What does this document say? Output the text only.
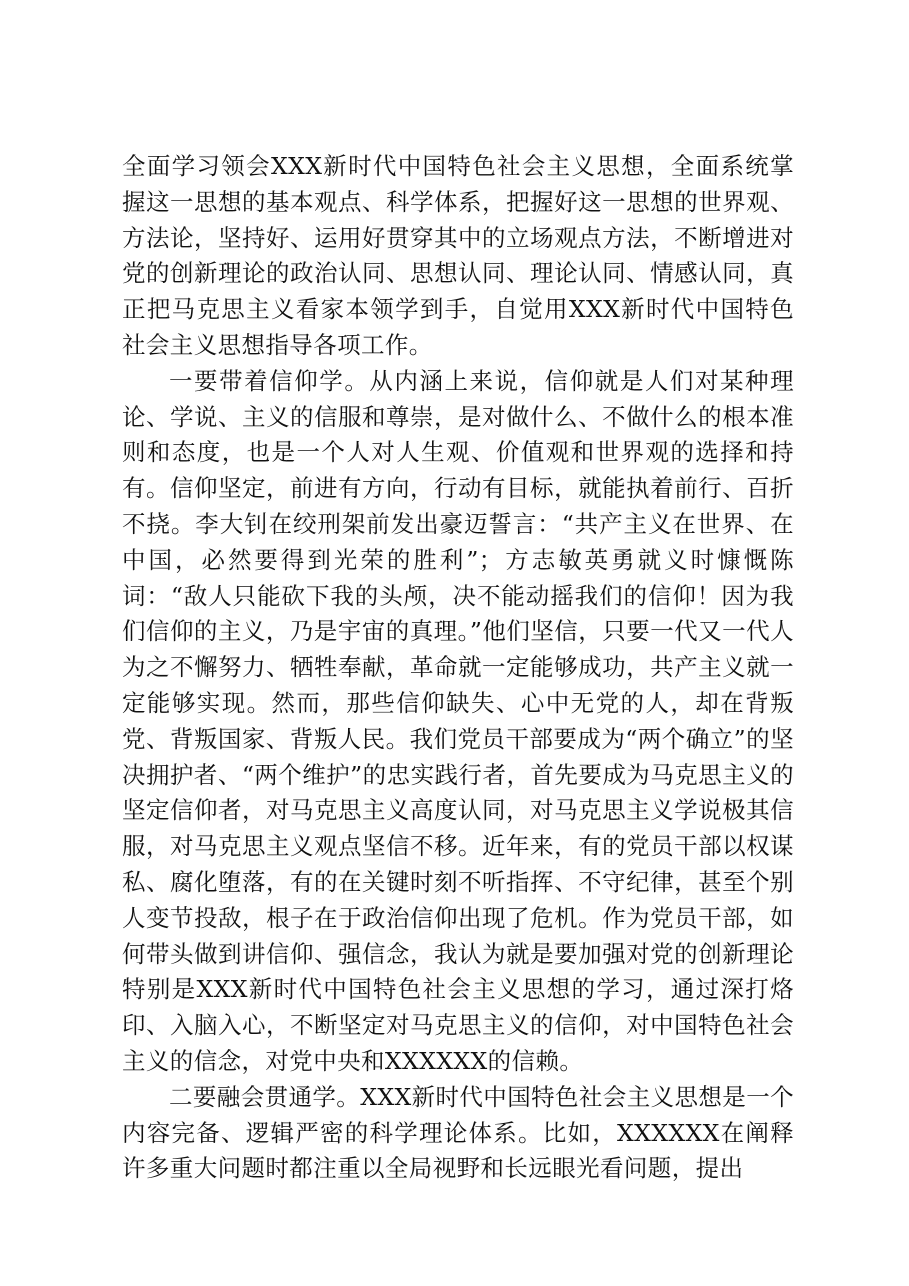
全面学习领会XXX新时代中国特色社会主义思想，全面系统掌握这一思想的基本观点、科学体系，把握好这一思想的世界观、方法论，坚持好、运用好贯穿其中的立场观点方法，不断增进对党的创新理论的政治认同、思想认同、理论认同、情感认同，真正把马克思主义看家本领学到手，自觉用XXX新时代中国特色社会主义思想指导各项工作。

一要带着信仰学。从内涵上来说，信仰就是人们对某种理论、学说、主义的信服和尊崇，是对做什么、不做什么的根本准则和态度，也是一个人对人生观、价值观和世界观的选择和持有。信仰坚定，前进有方向，行动有目标，就能执着前行、百折不挠。李大钊在绞刑架前发出豪迈誓言：“共产主义在世界、在中国，必然要得到光荣的胜利”；方志敏英勇就义时慷慨陈词：“敌人只能砍下我的头颅，决不能动摇我们的信仰！因为我们信仰的主义，乃是宇宙的真理。”他们坚信，只要一代又一代人为之不懈努力、牺牲奉献，革命就一定能够成功，共产主义就一定能够实现。然而，那些信仰缺失、心中无党的人，却在背叛党、背叛国家、背叛人民。我们党员干部要成为“两个确立”的坚决拥护者、“两个维护”的忠实践行者，首先要成为马克思主义的坚定信仰者，对马克思主义高度认同，对马克思主义学说极其信服，对马克思主义观点坚信不移。近年来，有的党员干部以权谋私、腐化堕落，有的在关键时刻不听指挥、不守纪律，甚至个别人变节投敌，根子在于政治信仰出现了危机。作为党员干部，如何带头做到讲信仰、强信念，我认为就是要加强对党的创新理论特别是XXX新时代中国特色社会主义思想的学习，通过深打烙印、入脑入心，不断坚定对马克思主义的信仰，对中国特色社会主义的信念，对党中央和XXXXXX的信赖。

二要融会贯通学。XXX新时代中国特色社会主义思想是一个内容完备、逻辑严密的科学理论体系。比如，XXXXXX在阐释许多重大问题时都注重以全局视野和长远眼光看问题，提出
